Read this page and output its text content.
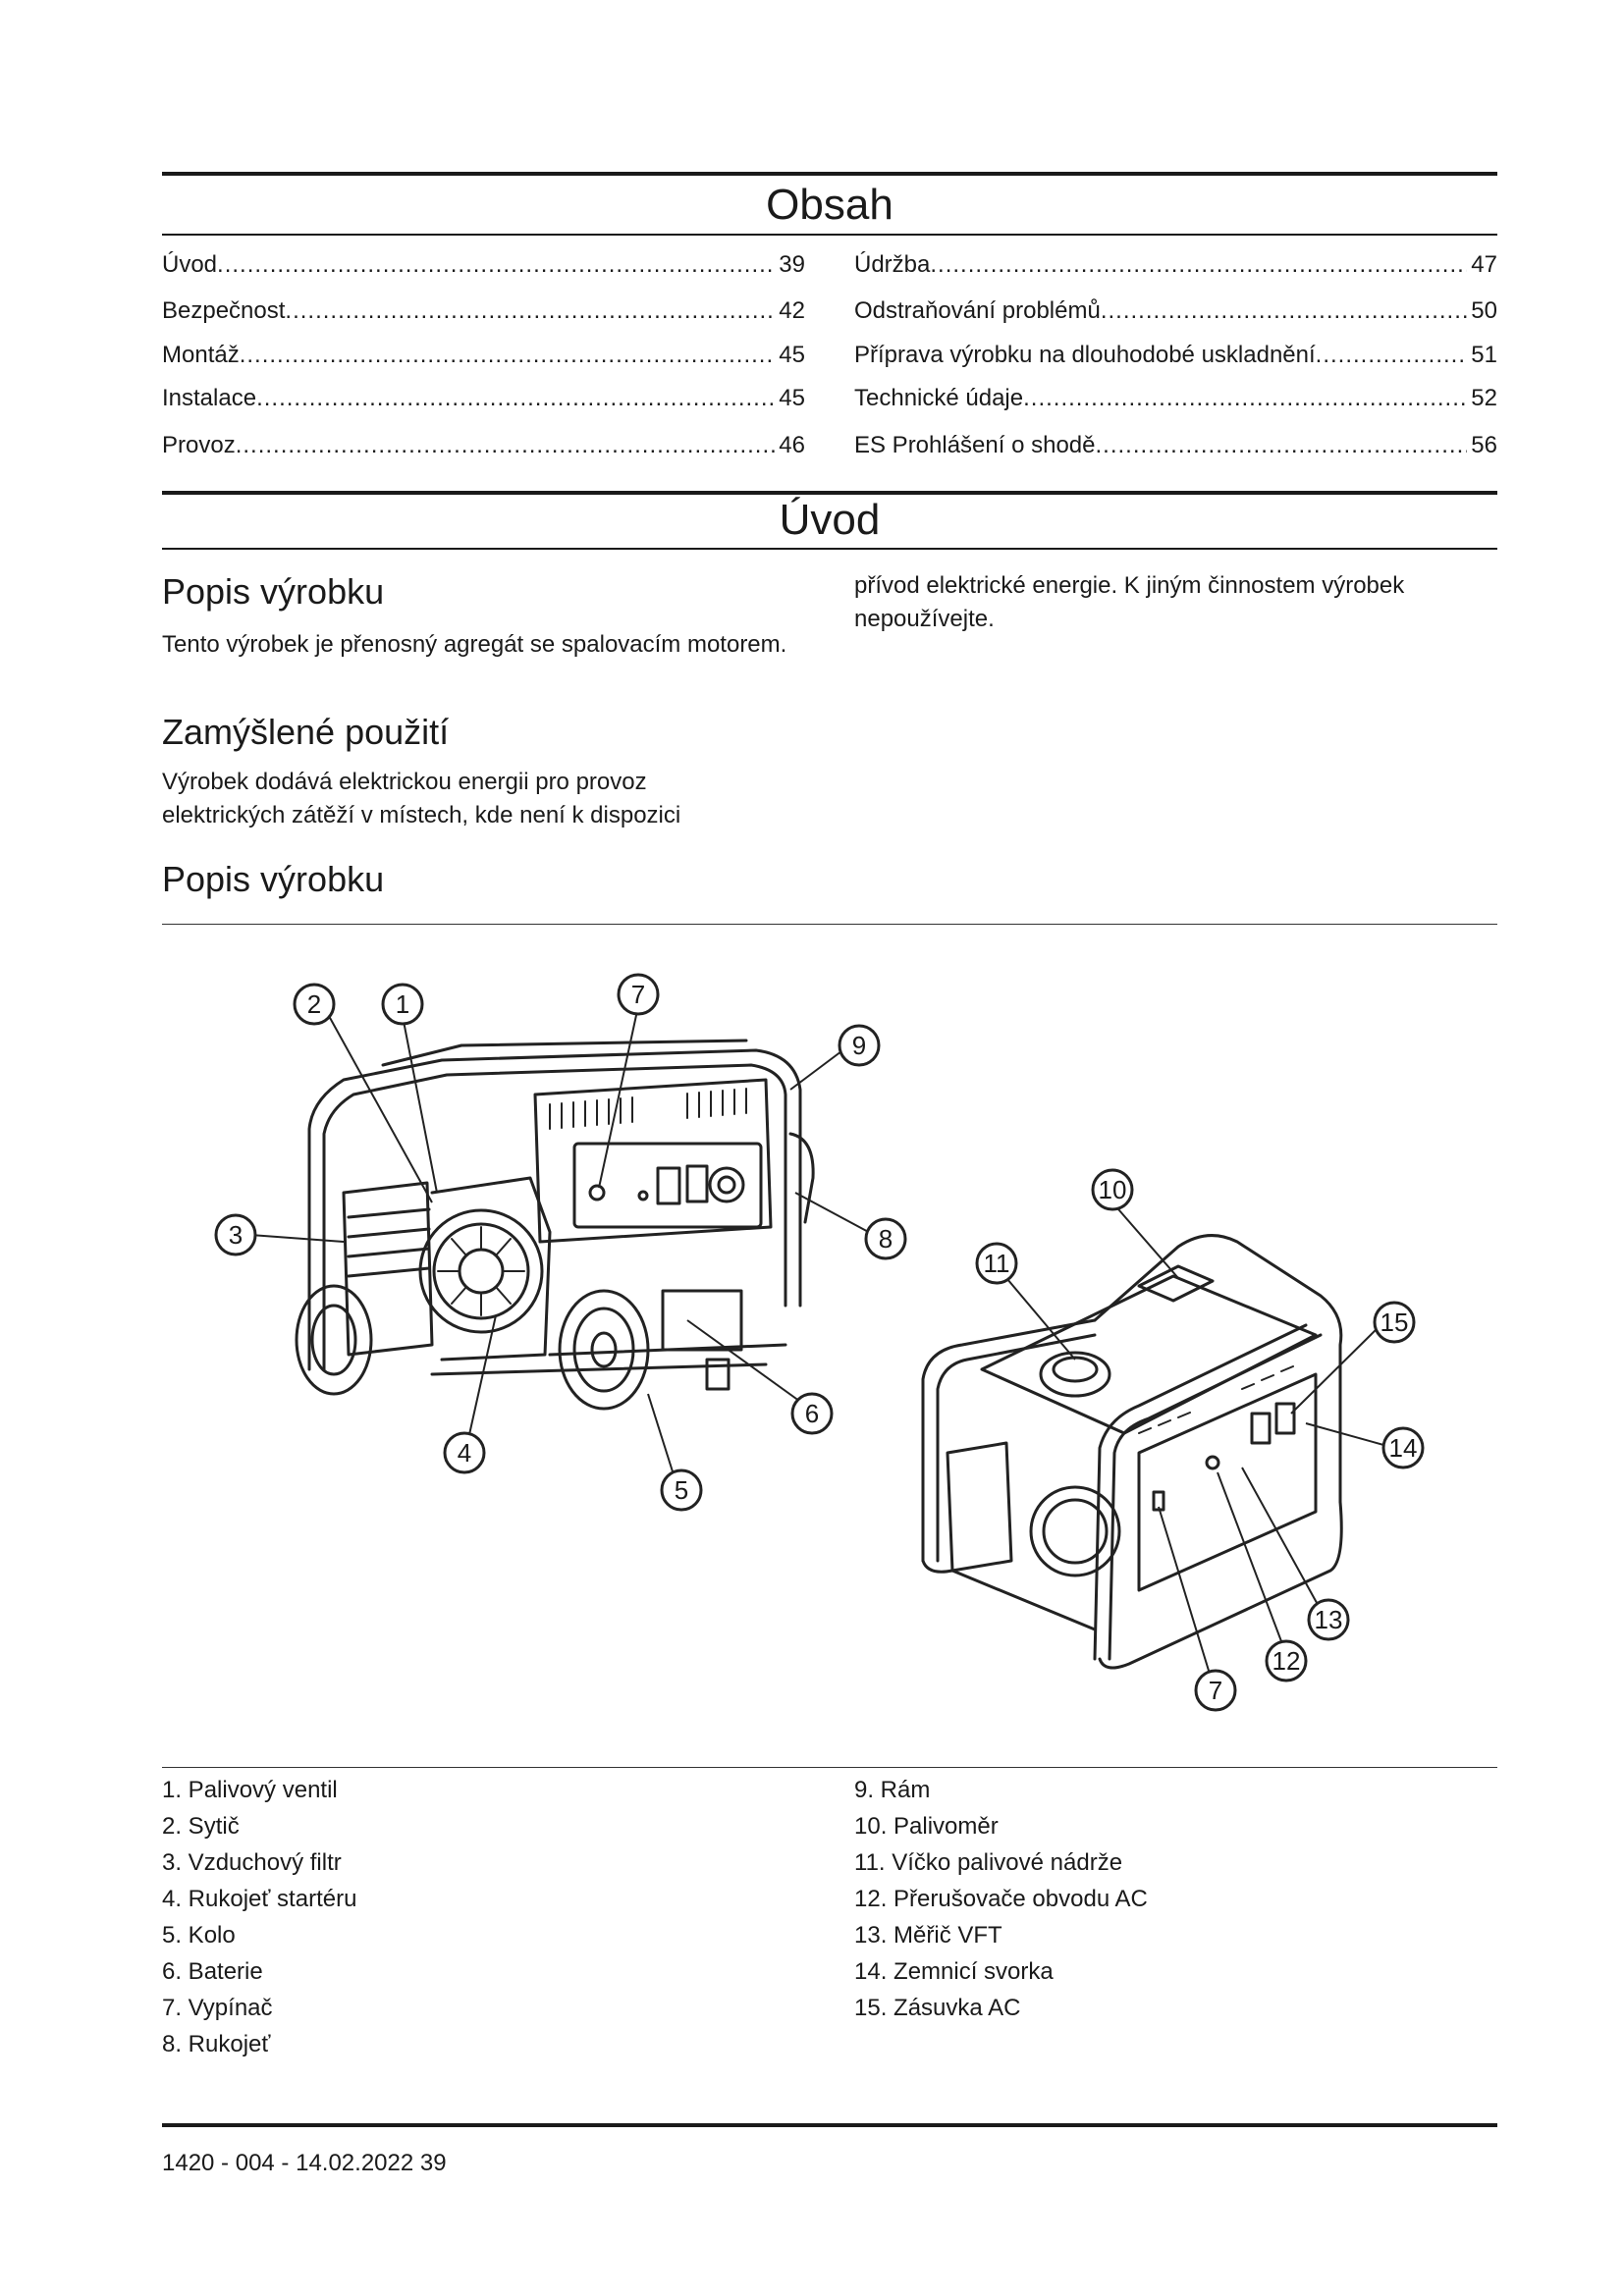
Obsah
Úvod .....	39
Bezpečnost .....	42
Montáž .....	45
Instalace .....	45
Provoz .....	46
Údržba .....	47
Odstraňování problémů .....	50
Příprava výrobku na dlouhodobé uskladnění .....	51
Technické údaje .....	52
ES Prohlášení o shodě .....	56
Úvod
Popis výrobku

Tento výrobek je přenosný agregát se spalovacím motorem.

Zamýšlené použití

Výrobek dodává elektrickou energii pro provoz elektrických zátěží v místech, kde není k dispozici

přívod elektrické energie. K jiným činnostem výrobek nepoužívejte.

Popis výrobku
2	1	7
9
3	8
6
4
5
10
11
15
14
13
12
7
1. Palivový ventil
2. Sytič
3. Vzduchový filtr
4. Rukojeť startéru
5. Kolo
6. Baterie
7. Vypínač
8. Rukojeť
9. Rám
10. Palivoměr
11. Víčko palivové nádrže
12. Přerušovače obvodu AC
13. Měřič VFT
14. Zemnicí svorka
15. Zásuvka AC
1420 - 004 - 14.02.2022 39
